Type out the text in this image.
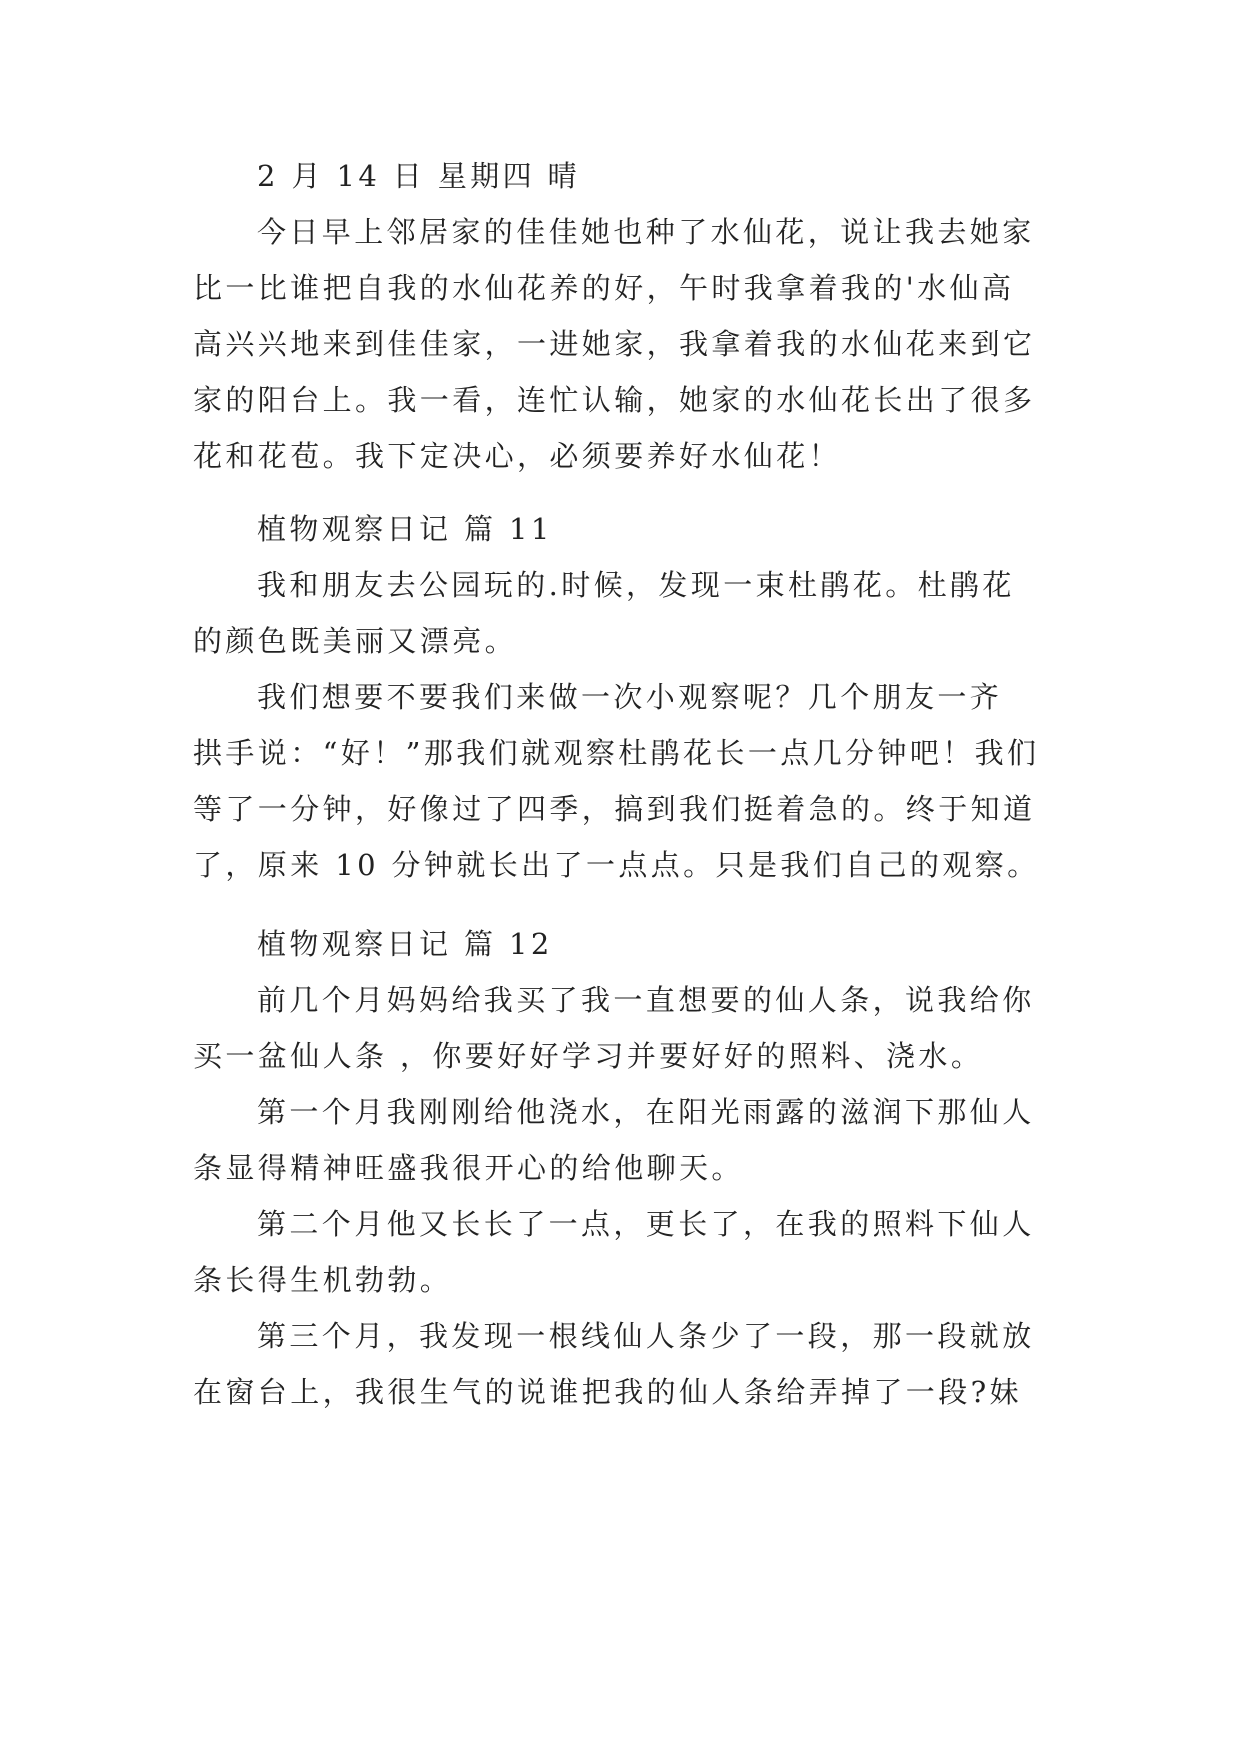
2 月 14 日 星期四 晴
今日早上邻居家的佳佳她也种了水仙花，说让我去她家
比一比谁把自我的水仙花养的好，午时我拿着我的'水仙高
高兴兴地来到佳佳家，一进她家，我拿着我的水仙花来到它
家的阳台上。我一看，连忙认输，她家的水仙花长出了很多
花和花苞。我下定决心，必须要养好水仙花！
植物观察日记 篇 11
我和朋友去公园玩的.时候，发现一束杜鹃花。杜鹃花
的颜色既美丽又漂亮。
我们想要不要我们来做一次小观察呢？几个朋友一齐
拱手说：“好！”那我们就观察杜鹃花长一点几分钟吧！我们
等了一分钟，好像过了四季，搞到我们挺着急的。终于知道
了，原来 10 分钟就长出了一点点。只是我们自己的观察。
植物观察日记 篇 12
前几个月妈妈给我买了我一直想要的仙人条，说我给你
买一盆仙人条 ，你要好好学习并要好好的照料、浇水。
第一个月我刚刚给他浇水，在阳光雨露的滋润下那仙人
条显得精神旺盛我很开心的给他聊天。
第二个月他又长长了一点，更长了，在我的照料下仙人
条长得生机勃勃。
第三个月，我发现一根线仙人条少了一段，那一段就放
在窗台上，我很生气的说谁把我的仙人条给弄掉了一段?妹
